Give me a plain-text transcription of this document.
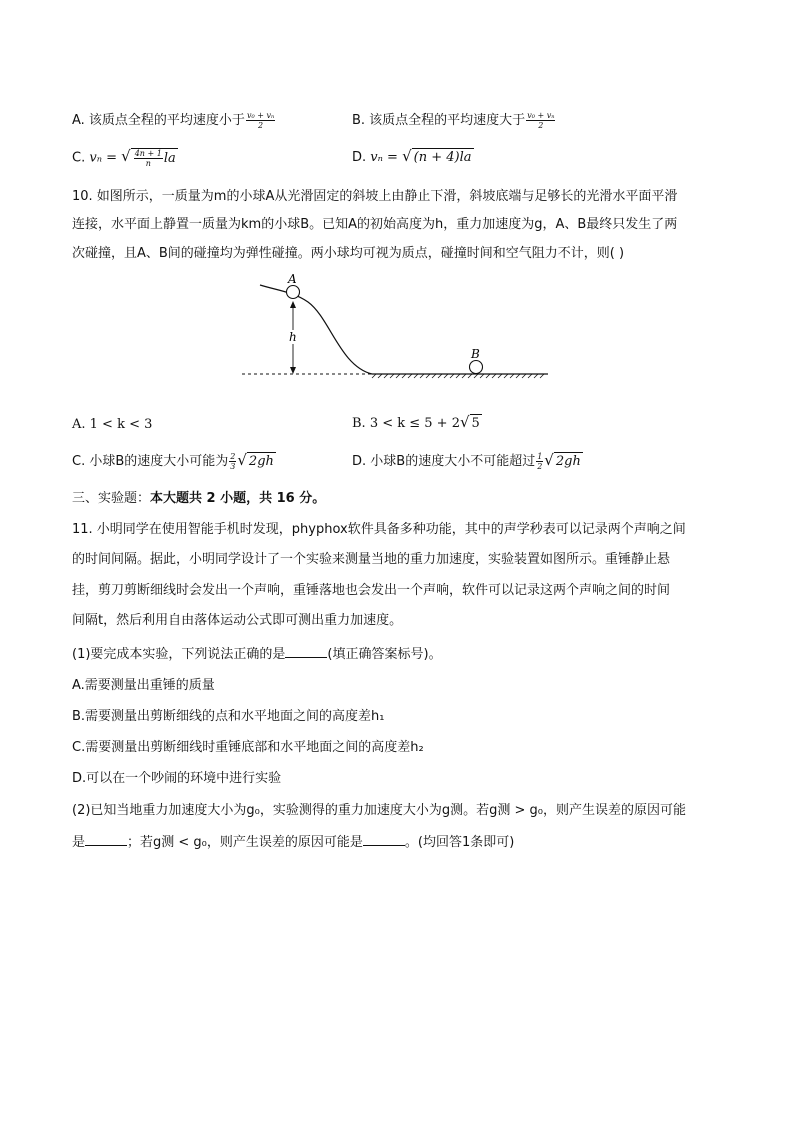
A. 该质点全程的平均速度小于 $\frac{\text{v₀ + vₙ}}{2}$	B. 该质点全程的平均速度大于 $\frac{\text{v₀ + vₙ}}{2}$
C. vₙ = √ $\frac{4n + 1}{n}$ la	D. vₙ = √ (n + 4)la
10. 如图所示，一质量为m的小球A从光滑固定的斜坡上由静止下滑，斜坡底端与足够长的光滑水平面平滑
连接，水平面上静置一质量为km的小球B。已知A的初始高度为h，重力加速度为g，A、B最终只发生了两
次碰撞，且A、B间的碰撞均为弹性碰撞。两小球均可视为质点，碰撞时间和空气阻力不计，则( )
A
B
h
A. 1 < k < 3	B. 3 < k ≤ 5 + 2 √ 5
C. 小球B的速度大小可能为 $\frac{2}{3}$ √ 2gh	D. 小球B的速度大小不可能超过 $\frac{1}{2}$ √ 2gh
三、实验题：本大题共 2 小题，共 16 分。
11. 小明同学在使用智能手机时发现，phyphox软件具备多种功能，其中的声学秒表可以记录两个声响之间
的时间间隔。据此，小明同学设计了一个实验来测量当地的重力加速度，实验装置如图所示。重锤静止悬
挂，剪刀剪断细线时会发出一个声响，重锤落地也会发出一个声响，软件可以记录这两个声响之间的时间
间隔t，然后利用自由落体运动公式即可测出重力加速度。
(1)要完成本实验，下列说法正确的是	(填正确答案标号)。
A.需要测量出重锤的质量
B.需要测量出剪断细线的点和水平地面之间的高度差h₁
C.需要测量出剪断细线时重锤底部和水平地面之间的高度差h₂
D.可以在一个吵闹的环境中进行实验
(2)已知当地重力加速度大小为g₀，实验测得的重力加速度大小为g测。若g测 > g₀，则产生误差的原因可能
是	；若g测 < g₀，则产生误差的原因可能是	。(均回答1条即可)
